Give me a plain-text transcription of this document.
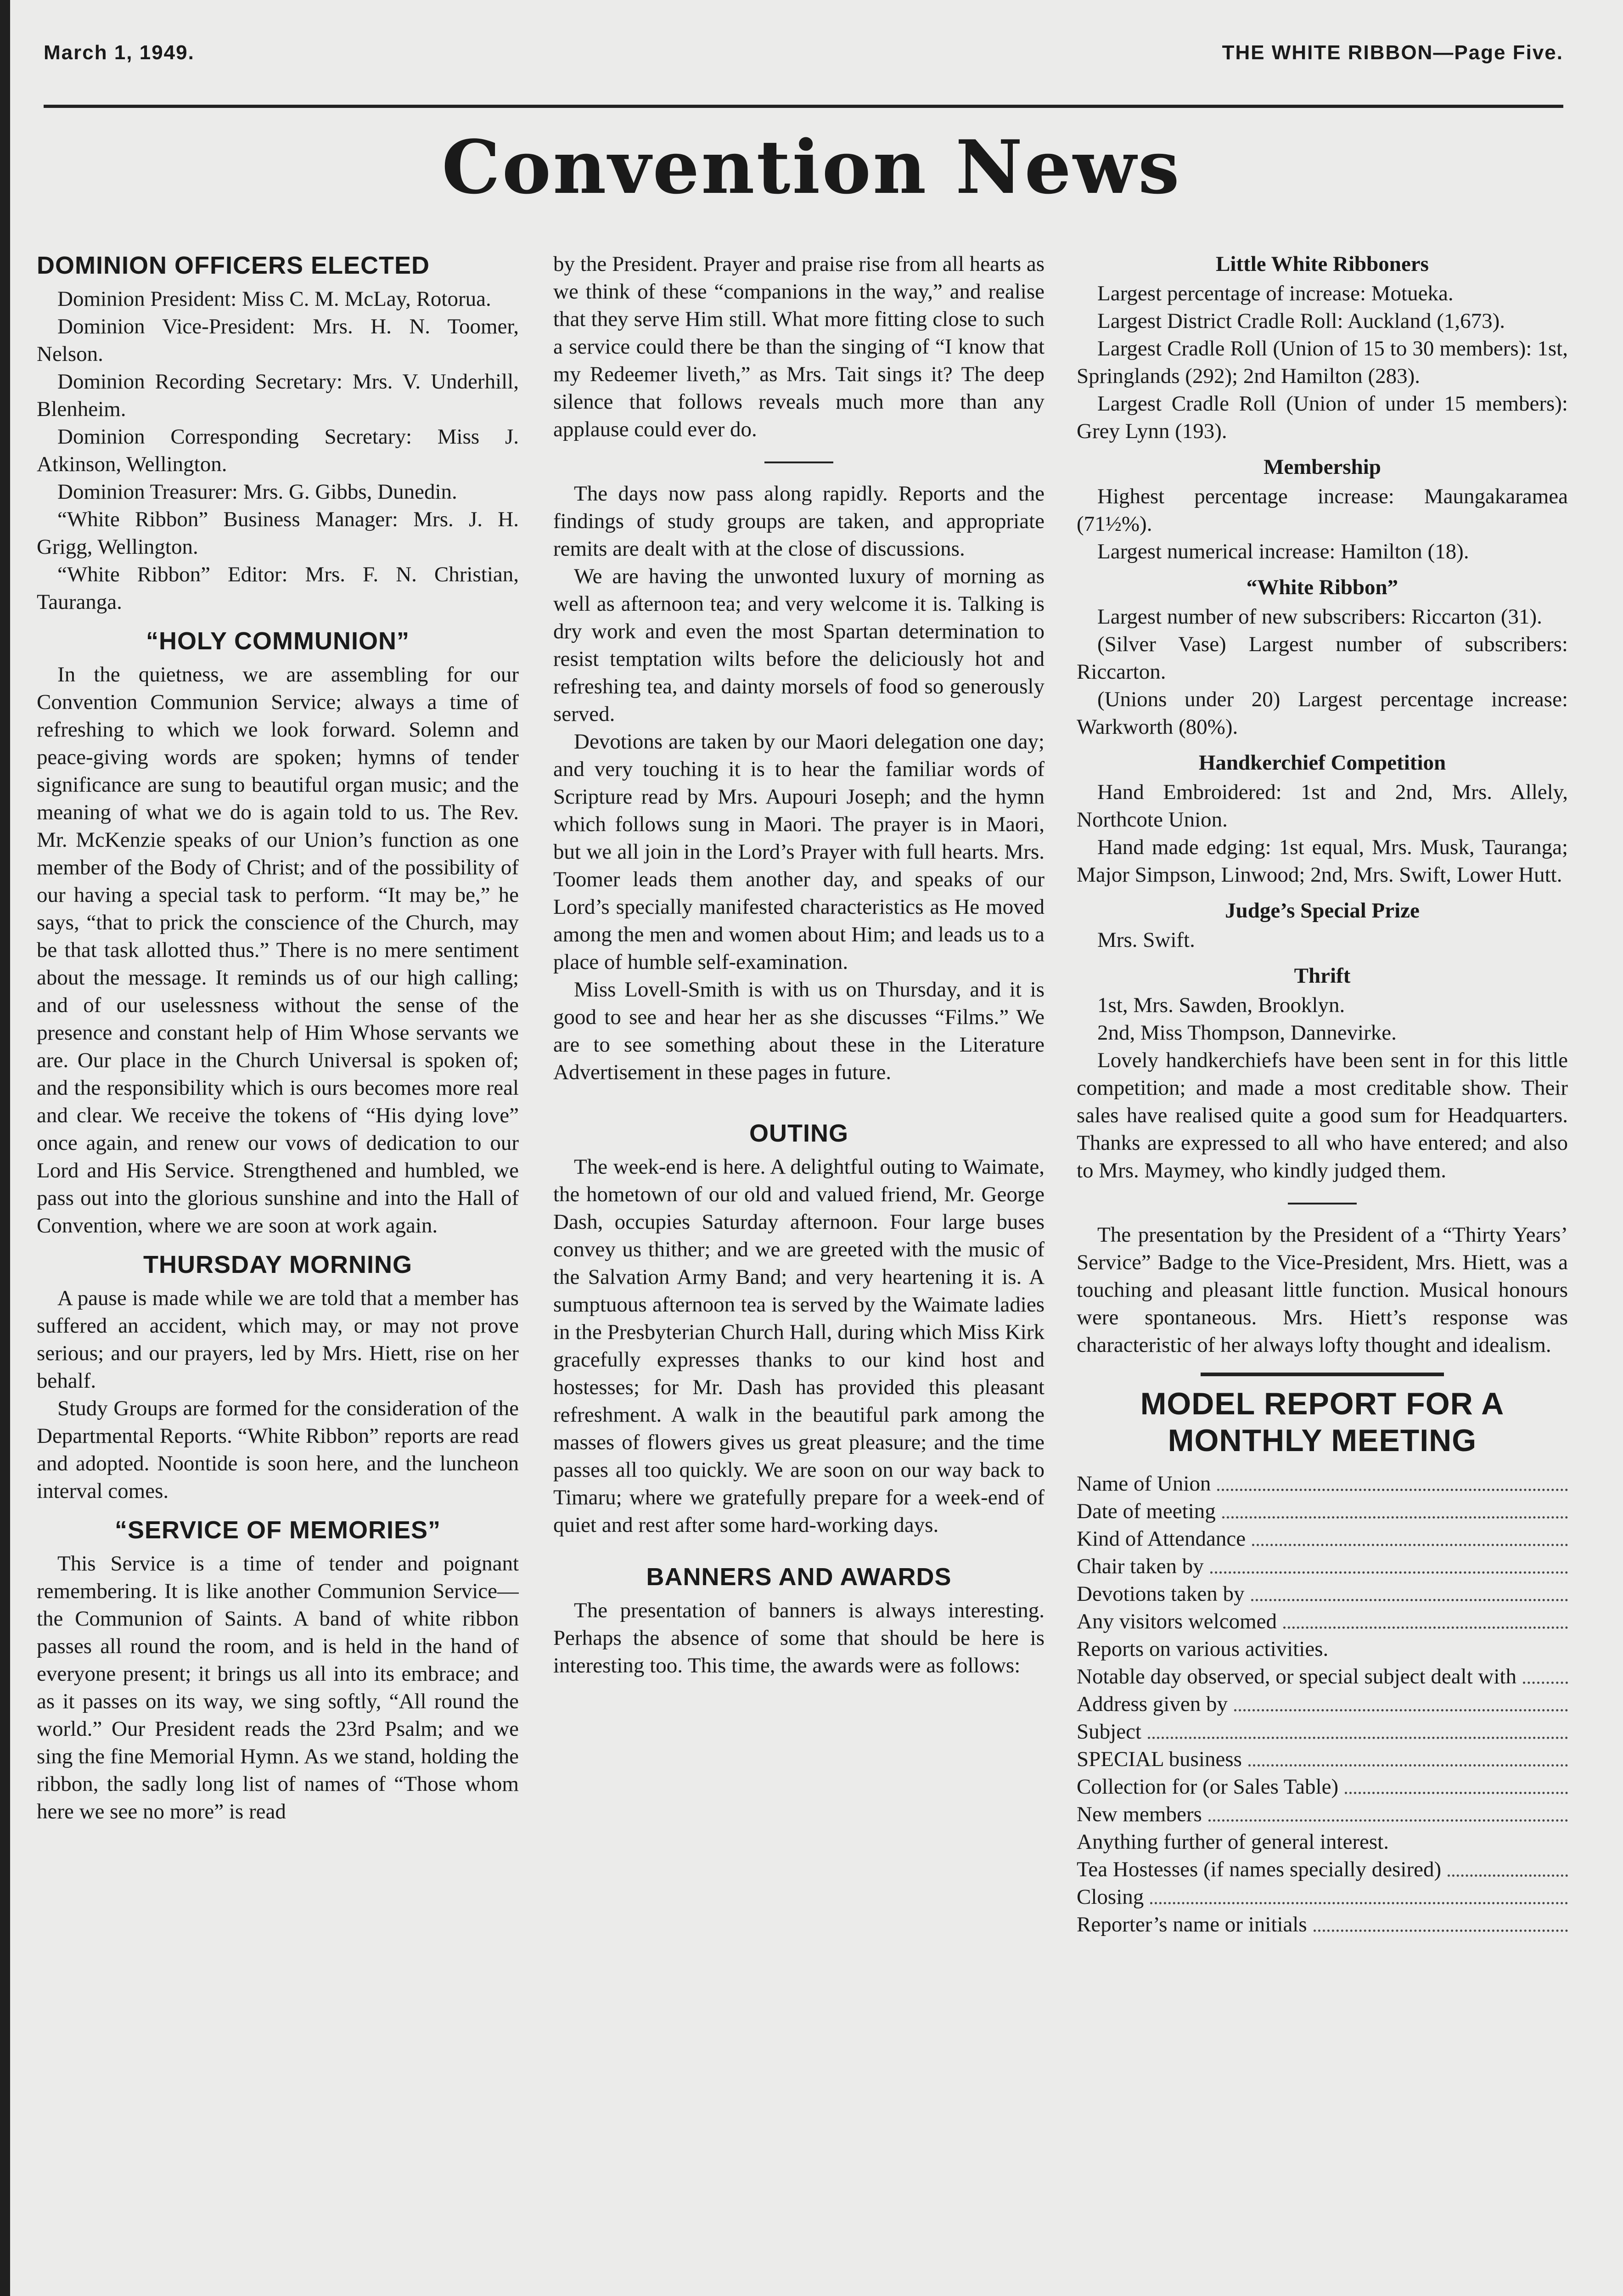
March 1, 1949.	THE WHITE RIBBON—Page Five.
Convention News
DOMINION OFFICERS ELECTED

Dominion President: Miss C. M. McLay, Rotorua.

Dominion Vice-President: Mrs. H. N. Toomer, Nelson.

Dominion Recording Secretary: Mrs. V. Underhill, Blenheim.

Dominion Corresponding Secretary: Miss J. Atkinson, Wellington.

Dominion Treasurer: Mrs. G. Gibbs, Dunedin.

“White Ribbon” Business Manager: Mrs. J. H. Grigg, Wellington.

“White Ribbon” Editor: Mrs. F. N. Christian, Tauranga.

“HOLY COMMUNION”

In the quietness, we are assembling for our Convention Communion Service; always a time of refreshing to which we look forward. Solemn and peace-giving words are spoken; hymns of tender significance are sung to beautiful organ music; and the meaning of what we do is again told to us. The Rev. Mr. McKenzie speaks of our Union’s function as one member of the Body of Christ; and of the possibility of our having a special task to perform. “It may be,” he says, “that to prick the conscience of the Church, may be that task allotted thus.” There is no mere sentiment about the message. It reminds us of our high calling; and of our uselessness without the sense of the presence and constant help of Him Whose servants we are. Our place in the Church Universal is spoken of; and the responsibility which is ours becomes more real and clear. We receive the tokens of “His dying love” once again, and renew our vows of dedication to our Lord and His Service. Strengthened and humbled, we pass out into the glorious sunshine and into the Hall of Convention, where we are soon at work again.

THURSDAY MORNING

A pause is made while we are told that a member has suffered an accident, which may, or may not prove serious; and our prayers, led by Mrs. Hiett, rise on her behalf.

Study Groups are formed for the consideration of the Departmental Reports. “White Ribbon” reports are read and adopted. Noontide is soon here, and the luncheon interval comes.

“SERVICE OF MEMORIES”

This Service is a time of tender and poignant remembering. It is like another Communion Service—the Communion of Saints. A band of white ribbon passes all round the room, and is held in the hand of everyone present; it brings us all into its embrace; and as it passes on its way, we sing softly, “All round the world.” Our President reads the 23rd Psalm; and we sing the fine Memorial Hymn. As we stand, holding the ribbon, the sadly long list of names of “Those whom here we see no more” is read

by the President. Prayer and praise rise from all hearts as we think of these “companions in the way,” and realise that they serve Him still. What more fitting close to such a service could there be than the singing of “I know that my Redeemer liveth,” as Mrs. Tait sings it? The deep silence that follows reveals much more than any applause could ever do.

The days now pass along rapidly. Reports and the findings of study groups are taken, and appropriate remits are dealt with at the close of discussions.

We are having the unwonted luxury of morning as well as afternoon tea; and very welcome it is. Talking is dry work and even the most Spartan determination to resist temptation wilts before the deliciously hot and refreshing tea, and dainty morsels of food so generously served.

Devotions are taken by our Maori delegation one day; and very touching it is to hear the familiar words of Scripture read by Mrs. Aupouri Joseph; and the hymn which follows sung in Maori. The prayer is in Maori, but we all join in the Lord’s Prayer with full hearts. Mrs. Toomer leads them another day, and speaks of our Lord’s specially manifested characteristics as He moved among the men and women about Him; and leads us to a place of humble self-examination.

Miss Lovell-Smith is with us on Thursday, and it is good to see and hear her as she discusses “Films.” We are to see something about these in the Literature Advertisement in these pages in future.

OUTING

The week-end is here. A delightful outing to Waimate, the hometown of our old and valued friend, Mr. George Dash, occupies Saturday afternoon. Four large buses convey us thither; and we are greeted with the music of the Salvation Army Band; and very heartening it is. A sumptuous afternoon tea is served by the Waimate ladies in the Presbyterian Church Hall, during which Miss Kirk gracefully expresses thanks to our kind host and hostesses; for Mr. Dash has provided this pleasant refreshment. A walk in the beautiful park among the masses of flowers gives us great pleasure; and the time passes all too quickly. We are soon on our way back to Timaru; where we gratefully prepare for a week-end of quiet and rest after some hard-working days.

BANNERS AND AWARDS

The presentation of banners is always interesting. Perhaps the absence of some that should be here is interesting too. This time, the awards were as follows:

Little White Ribboners

Largest percentage of increase: Motueka.

Largest District Cradle Roll: Auckland (1,673).

Largest Cradle Roll (Union of 15 to 30 members): 1st, Springlands (292); 2nd Hamilton (283).

Largest Cradle Roll (Union of under 15 members): Grey Lynn (193).

Membership

Highest percentage increase: Maungakaramea (71½%).

Largest numerical increase: Hamilton (18).

“White Ribbon”

Largest number of new subscribers: Riccarton (31).

(Silver Vase) Largest number of subscribers: Riccarton.

(Unions under 20) Largest percentage increase: Warkworth (80%).

Handkerchief Competition

Hand Embroidered: 1st and 2nd, Mrs. Allely, Northcote Union.

Hand made edging: 1st equal, Mrs. Musk, Tauranga; Major Simpson, Linwood; 2nd, Mrs. Swift, Lower Hutt.

Judge’s Special Prize

Mrs. Swift.

Thrift

1st, Mrs. Sawden, Brooklyn.

2nd, Miss Thompson, Dannevirke.

Lovely handkerchiefs have been sent in for this little competition; and made a most creditable show. Their sales have realised quite a good sum for Headquarters. Thanks are expressed to all who have entered; and also to Mrs. Maymey, who kindly judged them.

The presentation by the President of a “Thirty Years’ Service” Badge to the Vice-President, Mrs. Hiett, was a touching and pleasant little function. Musical honours were spontaneous. Mrs. Hiett’s response was characteristic of her always lofty thought and idealism.

MODEL REPORT FOR A MONTHLY MEETING
Name of Union
Date of meeting
Kind of Attendance
Chair taken by
Devotions taken by
Any visitors welcomed
Reports on various activities.
Notable day observed, or special subject dealt with
Address given by
Subject
SPECIAL business
Collection for (or Sales Table)
New members
Anything further of general interest.
Tea Hostesses (if names specially desired)
Closing
Reporter’s name or initials
